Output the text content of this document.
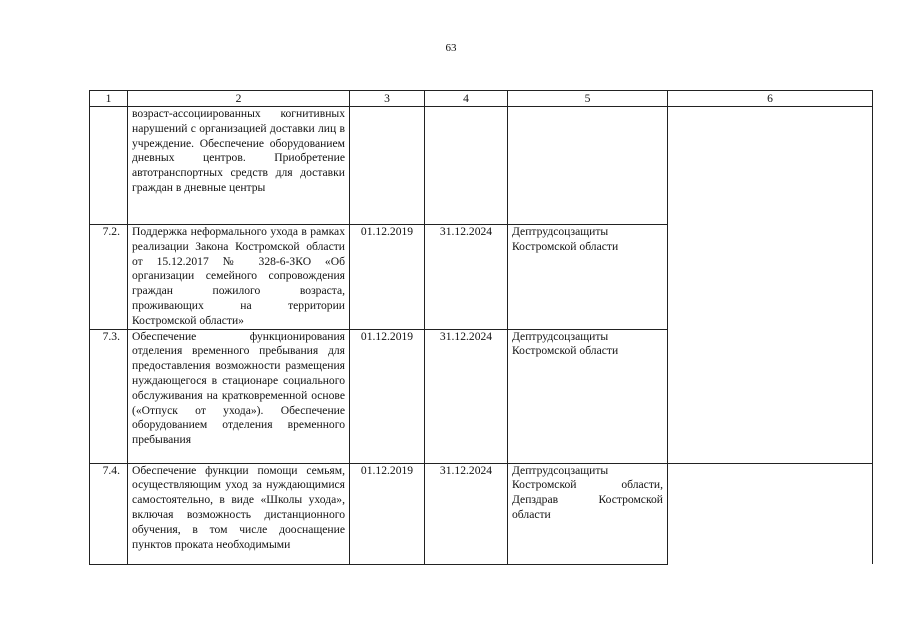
63
1	2	3	4	5	6
	возраст-ассоциированных когнитивных нарушений с организацией доставки лиц в учреждение. Обеспечение оборудованием дневных центров. Приобретение автотранспортных средств для доставки граждан в дневные центры				
7.2.	Поддержка неформального ухода в рамках реализации Закона Костромской области от 15.12.2017 № 328-6-ЗКО «Об организации семейного сопровождения граждан пожилого возраста, проживающих на территории Костромской области»	01.12.2019	31.12.2024	Дептрудсоцзащиты Костромской области	
7.3.	Обеспечение функционирования отделения временного пребывания для предоставления возможности размещения нуждающегося в стационаре социального обслуживания на кратковременной основе («Отпуск от ухода»). Обеспечение оборудованием отделения временного пребывания	01.12.2019	31.12.2024	Дептрудсоцзащиты Костромской области	
7.4.	Обеспечение функции помощи семьям, осуществляющим уход за нуждающимися самостоятельно, в виде «Школы ухода», включая возможность дистанционного обучения, в том числе дооснащение пунктов проката необходимыми	01.12.2019	31.12.2024	Дептрудсоцзащиты Костромской области, Депздрав Костромской области	
